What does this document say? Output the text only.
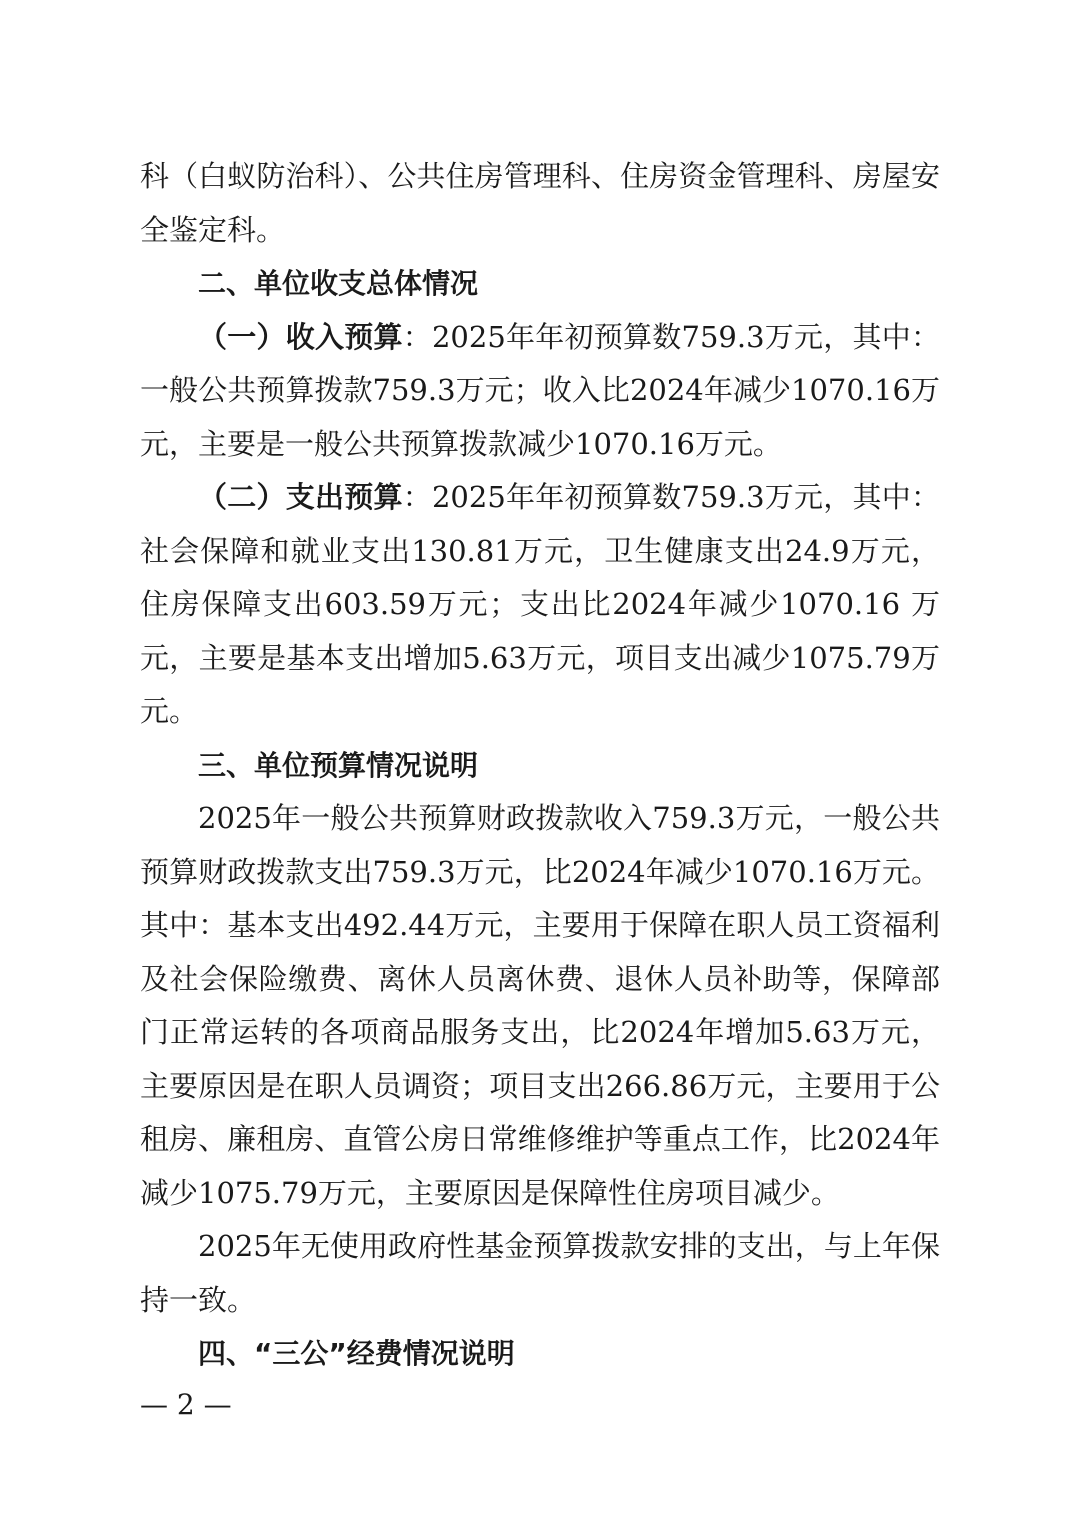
科（白蚁防治科）、公共住房管理科、住房资金管理科、房屋安全鉴定科。

二、单位收支总体情况

（一）收入预算：2025年年初预算数759.3万元，其中：一般公共预算拨款759.3万元；收入比2024年减少1070.16万元，主要是一般公共预算拨款减少1070.16万元。

（二）支出预算：2025年年初预算数759.3万元，其中：社会保障和就业支出130.81万元，卫生健康支出24.9万元，住房保障支出603.59万元；支出比2024年减少1070.16 万元，主要是基本支出增加5.63万元，项目支出减少1075.79万元。

三、单位预算情况说明

2025年一般公共预算财政拨款收入759.3万元，一般公共预算财政拨款支出759.3万元，比2024年减少1070.16万元。其中：基本支出492.44万元，主要用于保障在职人员工资福利及社会保险缴费、离休人员离休费、退休人员补助等，保障部门正常运转的各项商品服务支出，比2024年增加5.63万元，主要原因是在职人员调资；项目支出266.86万元，主要用于公租房、廉租房、直管公房日常维修维护等重点工作，比2024年减少1075.79万元，主要原因是保障性住房项目减少。

2025年无使用政府性基金预算拨款安排的支出，与上年保持一致。

四、“三公”经费情况说明

— 2 —
